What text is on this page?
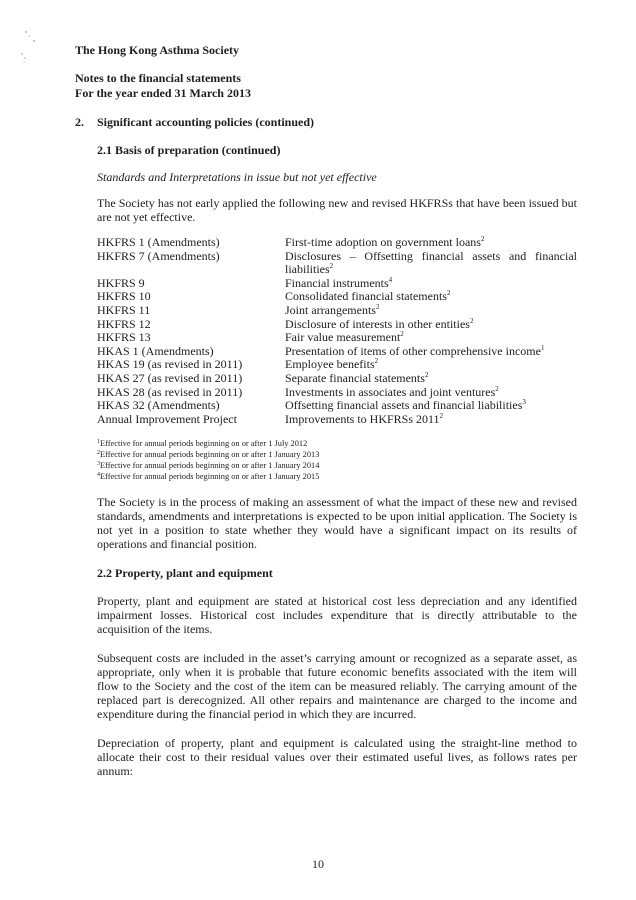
The Hong Kong Asthma Society
Notes to the financial statements
For the year ended 31 March 2013
2. Significant accounting policies (continued)
2.1 Basis of preparation (continued)
Standards and Interpretations in issue but not yet effective
The Society has not early applied the following new and revised HKFRSs that have been issued but are not yet effective.
HKFRS 1 (Amendments)	First-time adoption on government loans$^2$
HKFRS 7 (Amendments)	Disclosures – Offsetting financial assets and financial liabilities$^2$
HKFRS 9	Financial instruments$^4$
HKFRS 10	Consolidated financial statements$^2$
HKFRS 11	Joint arrangements$^2$
HKFRS 12	Disclosure of interests in other entities$^2$
HKFRS 13	Fair value measurement$^2$
HKAS 1 (Amendments)	Presentation of items of other comprehensive income$^1$
HKAS 19 (as revised in 2011)	Employee benefits$^2$
HKAS 27 (as revised in 2011)	Separate financial statements$^2$
HKAS 28 (as revised in 2011)	Investments in associates and joint ventures$^2$
HKAS 32 (Amendments)	Offsetting financial assets and financial liabilities$^3$
Annual Improvement Project	Improvements to HKFRSs 2011$^2$
$^1$Effective for annual periods beginning on or after 1 July 2012
$^2$Effective for annual periods beginning on or after 1 January 2013
$^3$Effective for annual periods beginning on or after 1 January 2014
$^4$Effective for annual periods beginning on or after 1 January 2015
The Society is in the process of making an assessment of what the impact of these new and revised standards, amendments and interpretations is expected to be upon initial application. The Society is not yet in a position to state whether they would have a significant impact on its results of operations and financial position.
2.2 Property, plant and equipment
Property, plant and equipment are stated at historical cost less depreciation and any identified impairment losses. Historical cost includes expenditure that is directly attributable to the acquisition of the items.
Subsequent costs are included in the asset’s carrying amount or recognized as a separate asset, as appropriate, only when it is probable that future economic benefits associated with the item will flow to the Society and the cost of the item can be measured reliably. The carrying amount of the replaced part is derecognized. All other repairs and maintenance are charged to the income and expenditure during the financial period in which they are incurred.
Depreciation of property, plant and equipment is calculated using the straight-line method to allocate their cost to their residual values over their estimated useful lives, as follows rates per annum:
10
